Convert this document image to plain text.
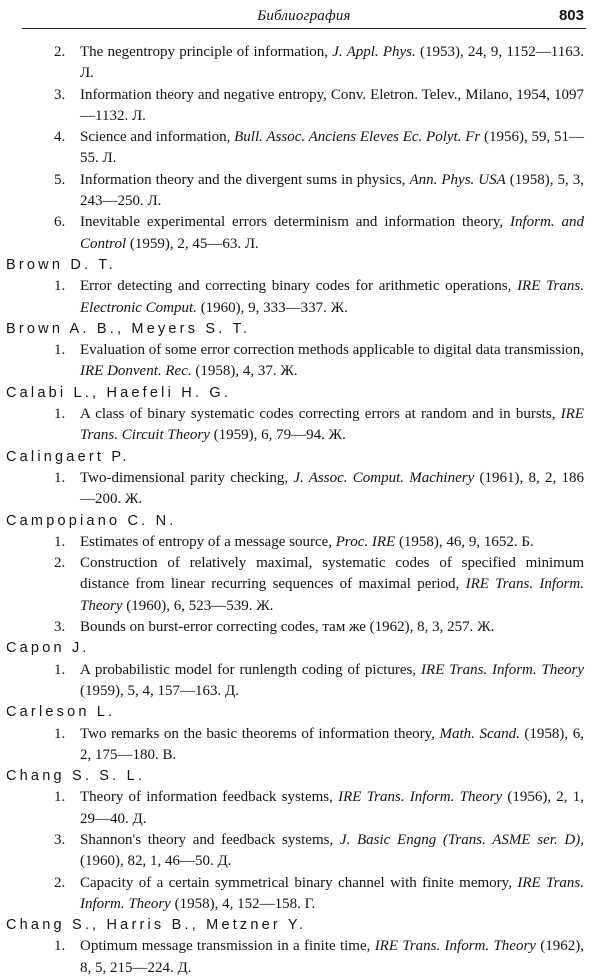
Библиография	803
2. The negentropy principle of information, J. Appl. Phys. (1953), 24, 9, 1152—1163. Л.
3. Information theory and negative entropy, Conv. Eletron. Telev., Milano, 1954, 1097—1132. Л.
4. Science and information, Bull. Assoc. Anciens Eleves Ec. Polyt. Fr (1956), 59, 51—55. Л.
5. Information theory and the divergent sums in physics, Ann. Phys. USA (1958), 5, 3, 243—250. Л.
6. Inevitable experimental errors determinism and information theory, Inform. and Control (1959), 2, 45—63. Л.
Brown D. T.
1. Error detecting and correcting binary codes for arithmetic operations, IRE Trans. Electronic Comput. (1960), 9, 333—337. Ж.
Brown A. B., Meyers S. T.
1. Evaluation of some error correction methods applicable to digital data transmission, IRE Donvent. Rec. (1958), 4, 37. Ж.
Calabi L., Haefeli H. G.
1. A class of binary systematic codes correcting errors at random and in bursts, IRE Trans. Circuit Theory (1959), 6, 79—94. Ж.
Calingaert P.
1. Two-dimensional parity checking, J. Assoc. Comput. Machinery (1961), 8, 2, 186—200. Ж.
Campopiano C. N.
1. Estimates of entropy of a message source, Proc. IRE (1958), 46, 9, 1652. Б.
2. Construction of relatively maximal, systematic codes of specified minimum distance from linear recurring sequences of maximal period, IRE Trans. Inform. Theory (1960), 6, 523—539. Ж.
3. Bounds on burst-error correcting codes, там же (1962), 8, 3, 257. Ж.
Capon J.
1. A probabilistic model for runlength coding of pictures, IRE Trans. Inform. Theory (1959), 5, 4, 157—163. Д.
Carleson L.
1. Two remarks on the basic theorems of information theory, Math. Scand. (1958), 6, 2, 175—180. В.
Chang S. S. L.
1. Theory of information feedback systems, IRE Trans. Inform. Theory (1956), 2, 1, 29—40. Д.
3. Shannon's theory and feedback systems, J. Basic Engng (Trans. ASME ser. D), (1960), 82, 1, 46—50. Д.
2. Capacity of a certain symmetrical binary channel with finite memory, IRE Trans. Inform. Theory (1958), 4, 152—158. Г.
Chang S., Harris B., Metzner Y.
1. Optimum message transmission in a finite time, IRE Trans. Inform. Theory (1962), 8, 5, 215—224. Д.
